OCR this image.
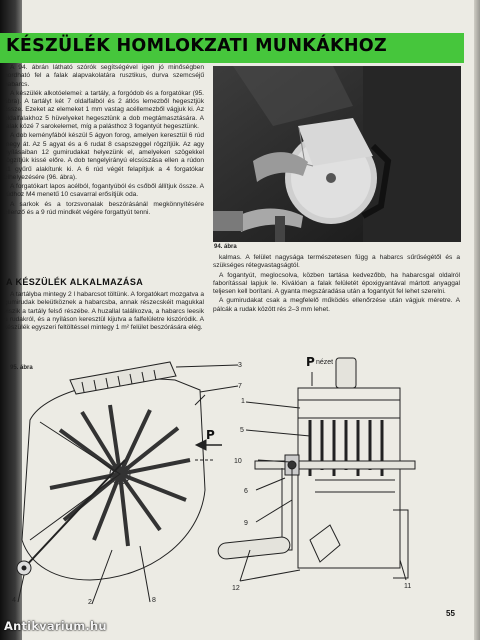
KÉSZÜLÉK HOMLOKZATI MUNKÁKHOZ

A 94. ábrán látható szórók segítségével igen jó minőségben hordható fel a falak alapvakolatára rusztikus, durva szemcséjű habarcs.

A készülék alkotóelemei: a tartály, a forgódob és a forgatókar (95. ábra). A tartályt két 7 oldalfalból és 2 átlós lemezből hegesztjük össze. Ezeket az elemeket 1 mm vastag acéllemezből vágjuk ki. Az oldalfalakhoz 5 hüvelyeket hegesztünk a dob megtámasztására. A falak közé 7 sarokelemet, míg a palásthoz 3 fogantyút hegesztünk.

A dob keményfából készül 5 ágyon forog, amelyen keresztül 6 rúd megy át. Az 5 agyat és a 6 rudat 8 csapszeggel rögzítjük. Az agy nyílásaiban 12 gumirudakat helyezünk el, amelyeken szögekkel rögzítjük kissé előre. A dob tengelyirányú elcsúszása ellen a rúdon 11 gyűrű alakítunk ki. A 6 rúd végét felapítjuk a 4 forgatókar elhelyezésére (96. ábra).

A forgatókart lapos acélból, fogantyúból és csőből állítjuk össze. A rúdhoz M4 menetű 10 csavarral erősítjük oda.

A sarkok és a torzsvonalak beszórásánál megkönnyítésére ellenző és a 9 rúd mindkét végére forgattyút tenni.

A KÉSZÜLÉK ALKALMAZÁSA

A tartályba mintegy 2 l habarcsot töltünk. A forgatókart mozgatva a gumirudak beleütköznek a habarcsba, annak részecskéit magukkal viszik a tartály felső részébe. A huzallal találkozva, a habarcs leesik a rudakról, és a nyíláson keresztül kijutva a falfelületre kiszóródik. A készülék egyszeri feltöltéssel mintegy 1 m² felület beszórására elég.

94. ábra

kalmas. A felület nagysága természetesen függ a habarcs sűrűségétől és a szükséges rétegvastagságtól.

A fogantyút, meglocsolva, közben tartása kedvezőbb, ha habarcsgal oldalról faborítással lapjuk le. Kiválóan a falak felületét époxigyantával mártott anyaggal teljesen kell borítani. A gyanta megszáradása után a fogantyút fel lehet szerelni.

A gumirudakat csak a megfelelő működés ellenőrzése után vágjuk méretre. A pálcák a rudak között rés 2–3 mm lehet.

95. ábra	P nézet
P
3
7
1
5
10
6
9
12
4	2	8
11
55
Antikvarium.hu
